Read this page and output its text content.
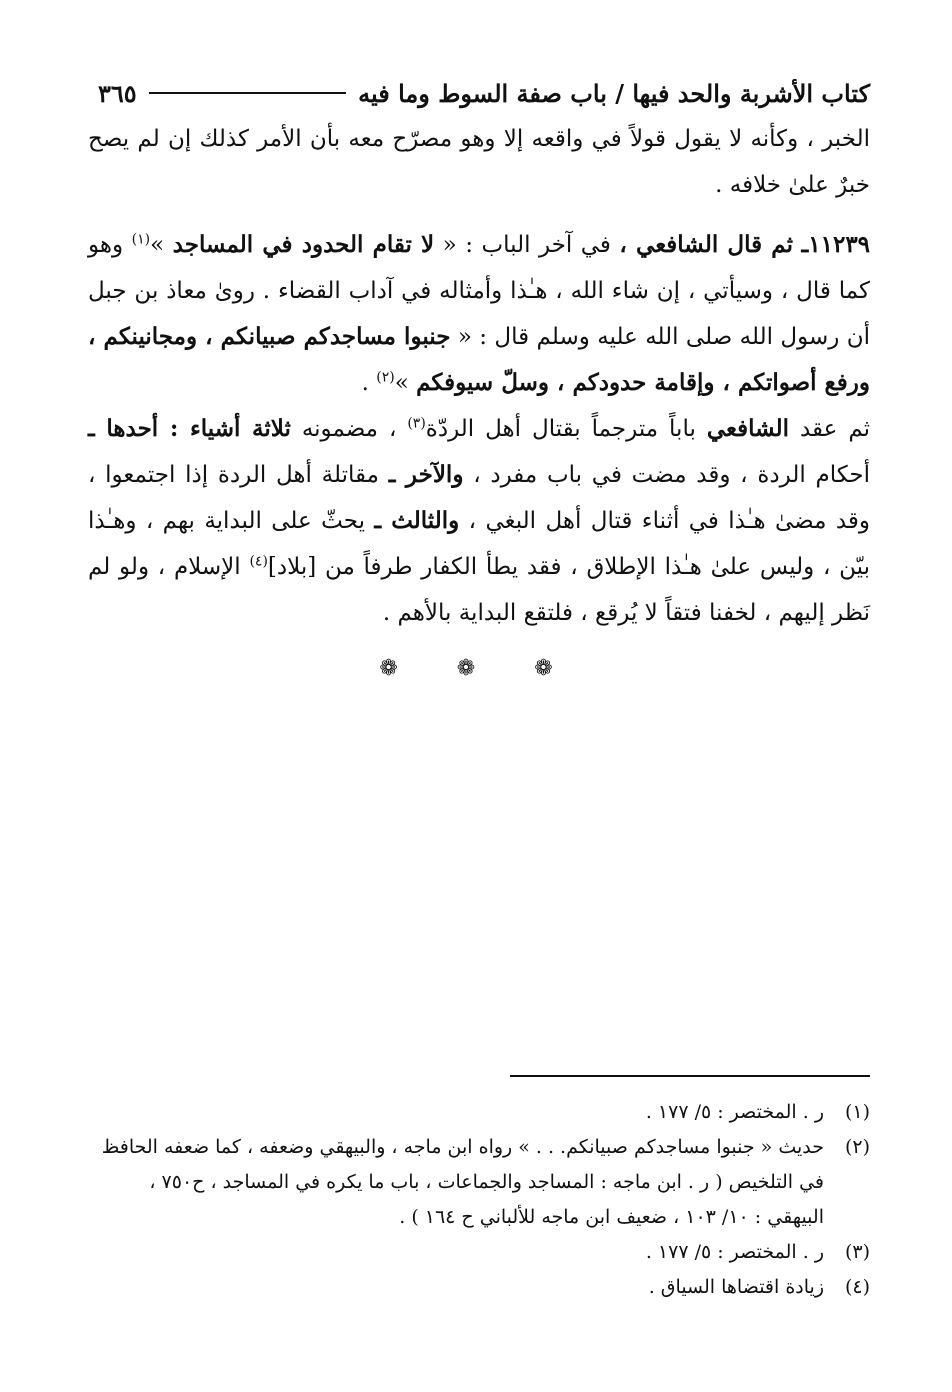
كتاب الأشربة والحد فيها / باب صفة السوط وما فيه
٣٦٥

الخبر ، وكأنه لا يقول قولاً في واقعه إلا وهو مصرّح معه بأن الأمر كذلك إن لم يصح خبرٌ علىٰ خلافه .

١١٢٣٩ـ ثم قال الشافعي ، في آخر الباب : « لا تقام الحدود في المساجد »$^{(١)}$ وهو كما قال ، وسيأتي ، إن شاء الله ، هـٰذا وأمثاله في آداب القضاء . روىٰ معاذ بن جبل أن رسول الله صلى الله عليه وسلم قال : « جنبوا مساجدكم صبيانكم ، ومجانينكم ، ورفع أصواتكم ، وإقامة حدودكم ، وسلّ سيوفكم »$^{(٢)}$ .

ثم عقد الشافعي باباً مترجماً بقتال أهل الردّة$^{(٣)}$ ، مضمونه ثلاثة أشياء : أحدها ـ أحكام الردة ، وقد مضت في باب مفرد ، والآخر ـ مقاتلة أهل الردة إذا اجتمعوا ، وقد مضىٰ هـٰذا في أثناء قتال أهل البغي ، والثالث ـ يحثّ على البداية بهم ، وهـٰذا بيّن ، وليس علىٰ هـٰذا الإطلاق ، فقد يطأ الكفار طرفاً من [بلاد]$^{(٤)}$ الإسلام ، ولو لم نَظر إليهم ، لخفنا فتقاً لا يُرقع ، فلتقع البداية بالأهم .

❁ ❁ ❁
(١)
ر . المختصر : ٥/ ١٧٧ .
(٢)
حديث « جنبوا مساجدكم صبيانكم. . . » رواه ابن ماجه ، والبيهقي وضعفه ، كما ضعفه الحافظ في التلخيص ( ر . ابن ماجه : المساجد والجماعات ، باب ما يكره في المساجد ، ح٧٥٠ ، البيهقي : ١٠/ ١٠٣ ، ضعيف ابن ماجه للألباني ح ١٦٤ ) .
(٣)
ر . المختصر : ٥/ ١٧٧ .
(٤)
زيادة اقتضاها السياق .
